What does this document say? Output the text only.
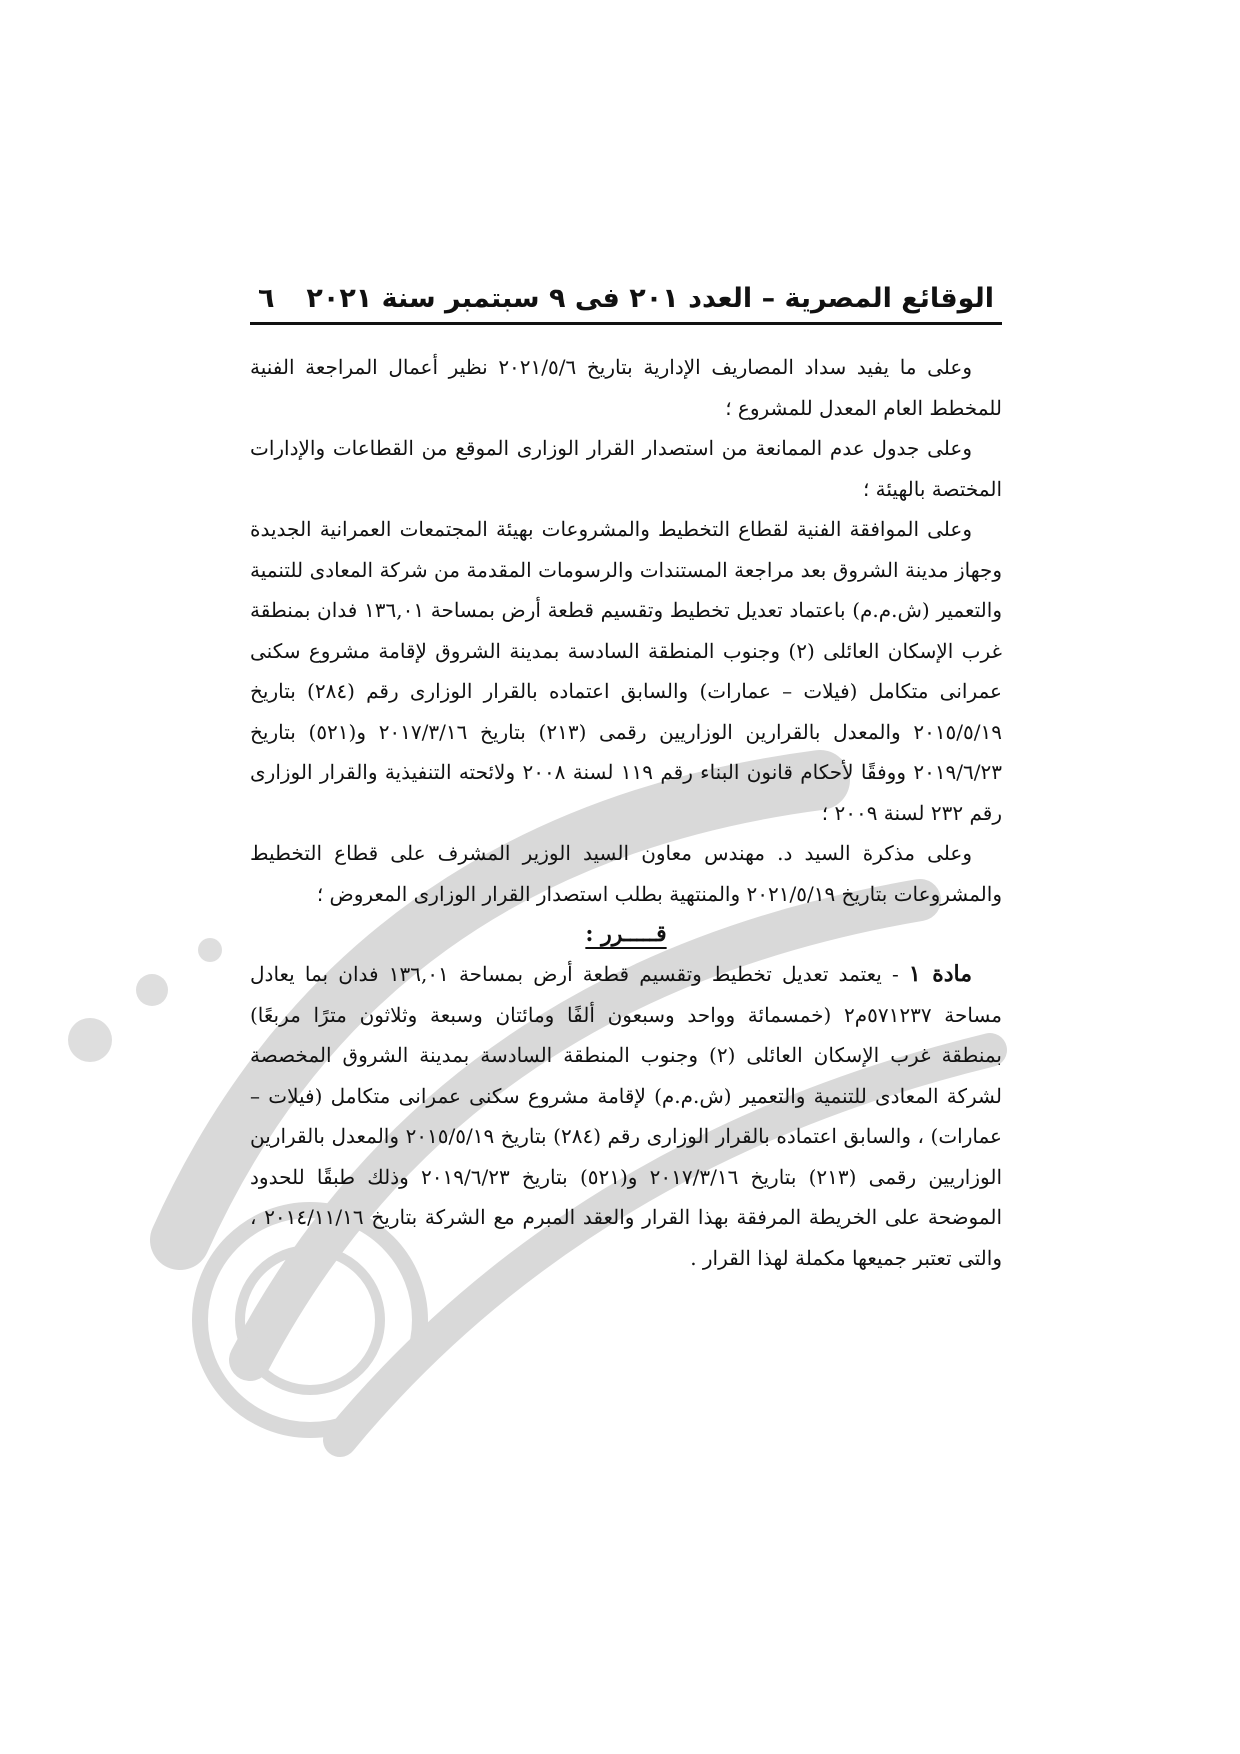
الوقائع المصرية – العدد ٢٠١ فى ٩ سبتمبر سنة ٢٠٢١
٦

وعلى ما يفيد سداد المصاريف الإدارية بتاريخ ٢٠٢١/٥/٦ نظير أعمال المراجعة الفنية للمخطط العام المعدل للمشروع ؛

وعلى جدول عدم الممانعة من استصدار القرار الوزارى الموقع من القطاعات والإدارات المختصة بالهيئة ؛

وعلى الموافقة الفنية لقطاع التخطيط والمشروعات بهيئة المجتمعات العمرانية الجديدة وجهاز مدينة الشروق بعد مراجعة المستندات والرسومات المقدمة من شركة المعادى للتنمية والتعمير (ش.م.م) باعتماد تعديل تخطيط وتقسيم قطعة أرض بمساحة ١٣٦,٠١ فدان بمنطقة غرب الإسكان العائلى (٢) وجنوب المنطقة السادسة بمدينة الشروق لإقامة مشروع سكنى عمرانى متكامل (فيلات – عمارات) والسابق اعتماده بالقرار الوزارى رقم (٢٨٤) بتاريخ ٢٠١٥/٥/١٩ والمعدل بالقرارين الوزاريين رقمى (٢١٣) بتاريخ ٢٠١٧/٣/١٦ و(٥٢١) بتاريخ ٢٠١٩/٦/٢٣ ووفقًا لأحكام قانون البناء رقم ١١٩ لسنة ٢٠٠٨ ولائحته التنفيذية والقرار الوزارى رقم ٢٣٢ لسنة ٢٠٠٩ ؛

وعلى مذكرة السيد د. مهندس معاون السيد الوزير المشرف على قطاع التخطيط والمشروعات بتاريخ ٢٠٢١/٥/١٩ والمنتهية بطلب استصدار القرار الوزارى المعروض ؛

قـــــرر :

مادة ١ - يعتمد تعديل تخطيط وتقسيم قطعة أرض بمساحة ١٣٦,٠١ فدان بما يعادل مساحة ٥٧١٢٣٧م٢ (خمسمائة وواحد وسبعون ألفًا ومائتان وسبعة وثلاثون مترًا مربعًا) بمنطقة غرب الإسكان العائلى (٢) وجنوب المنطقة السادسة بمدينة الشروق المخصصة لشركة المعادى للتنمية والتعمير (ش.م.م) لإقامة مشروع سكنى عمرانى متكامل (فيلات – عمارات) ، والسابق اعتماده بالقرار الوزارى رقم (٢٨٤) بتاريخ ٢٠١٥/٥/١٩ والمعدل بالقرارين الوزاريين رقمى (٢١٣) بتاريخ ٢٠١٧/٣/١٦ و(٥٢١) بتاريخ ٢٠١٩/٦/٢٣ وذلك طبقًا للحدود الموضحة على الخريطة المرفقة بهذا القرار والعقد المبرم مع الشركة بتاريخ ٢٠١٤/١١/١٦ ، والتى تعتبر جميعها مكملة لهذا القرار .
